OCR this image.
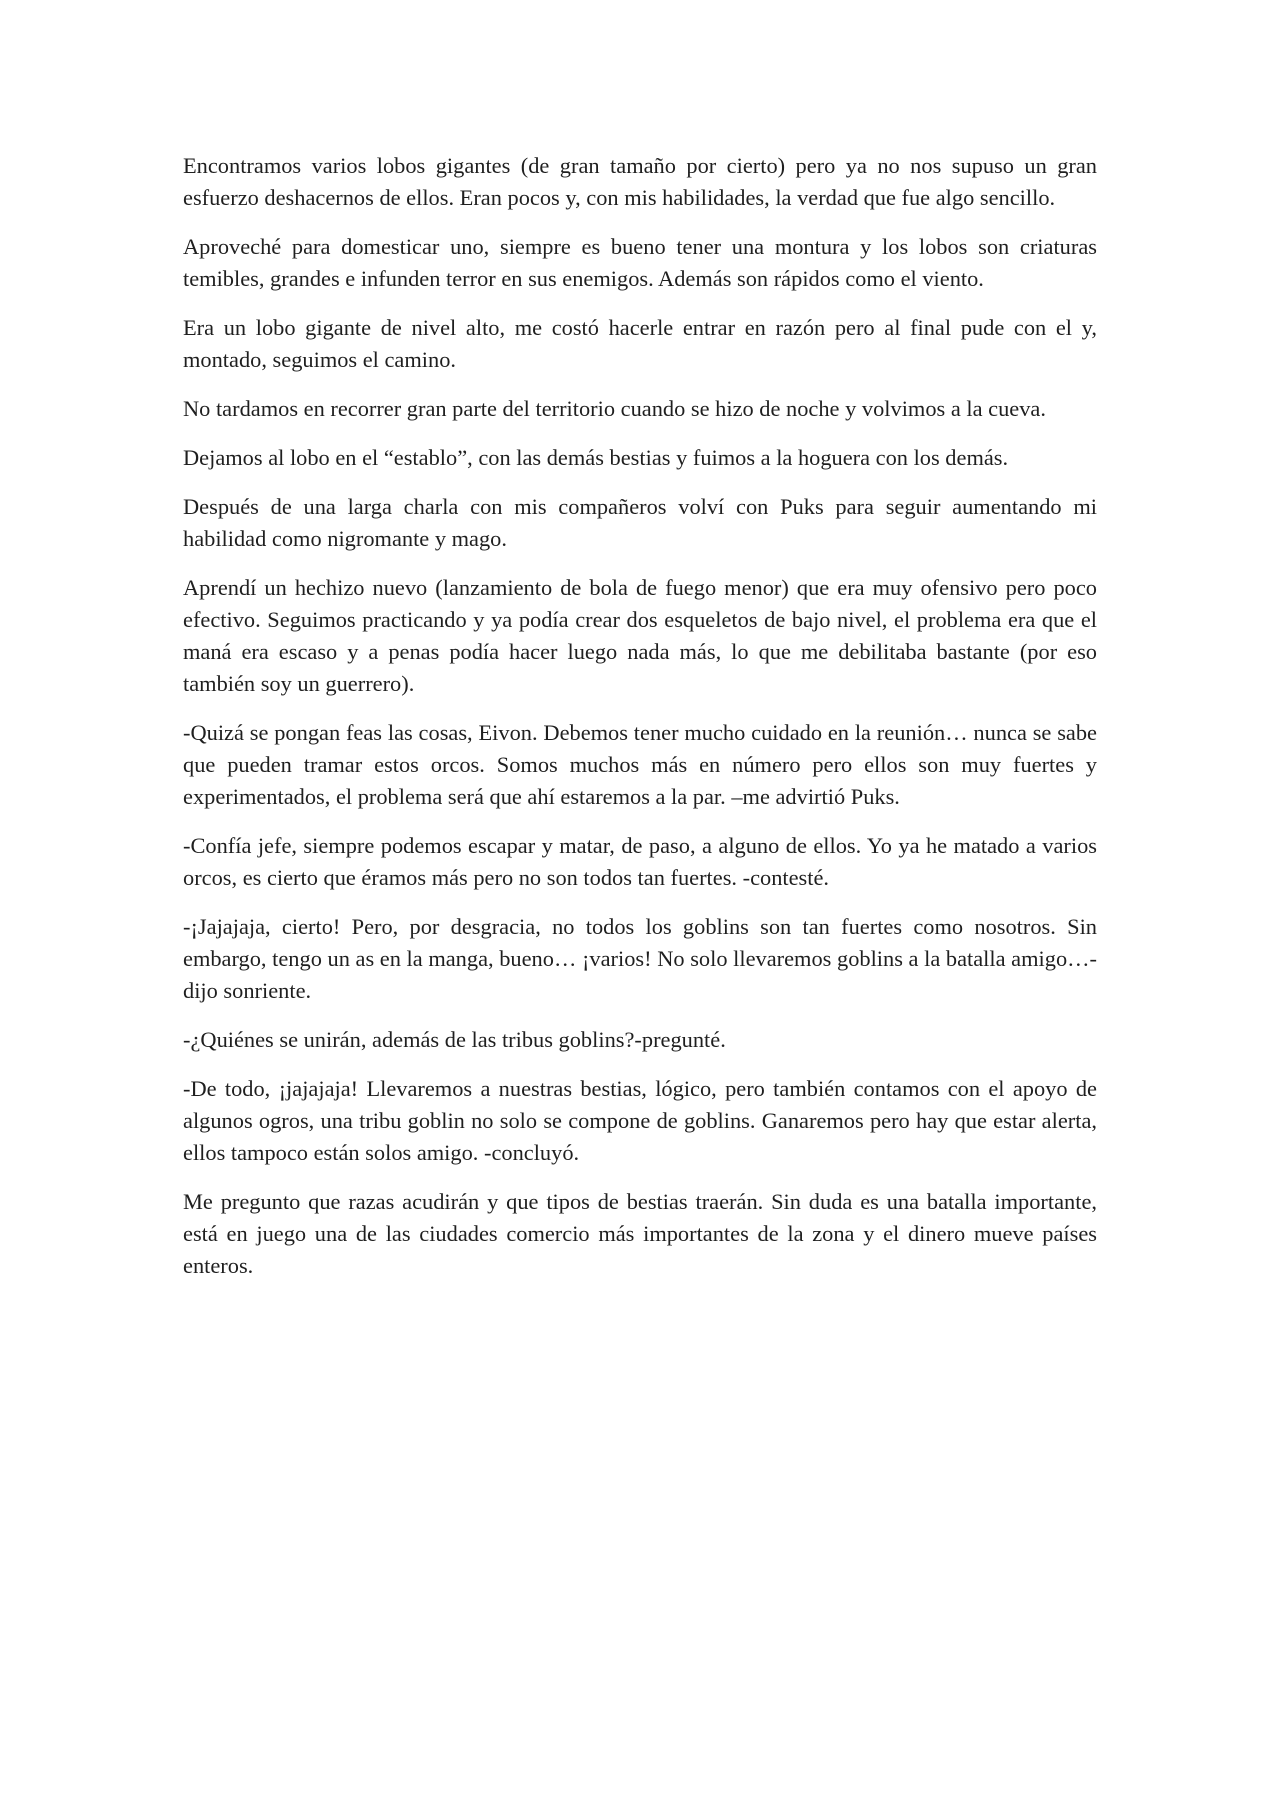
Encontramos varios lobos gigantes (de gran tamaño por cierto) pero ya no nos supuso un gran esfuerzo deshacernos de ellos. Eran pocos y, con mis habilidades, la verdad que fue algo sencillo.

Aproveché para domesticar uno, siempre es bueno tener una montura y los lobos son criaturas temibles, grandes e infunden terror en sus enemigos. Además son rápidos como el viento.

Era un lobo gigante de nivel alto, me costó hacerle entrar en razón pero al final pude con el y, montado, seguimos el camino.

No tardamos en recorrer gran parte del territorio cuando se hizo de noche y volvimos a la cueva.

Dejamos al lobo en el “establo”, con las demás bestias y fuimos a la hoguera con los demás.

Después de una larga charla con mis compañeros volví con Puks para seguir aumentando mi habilidad como nigromante y mago.

Aprendí un hechizo nuevo (lanzamiento de bola de fuego menor) que era muy ofensivo pero poco efectivo. Seguimos practicando y ya podía crear dos esqueletos de bajo nivel, el problema era que el maná era escaso y a penas podía hacer luego nada más, lo que me debilitaba bastante (por eso también soy un guerrero).

-Quizá se pongan feas las cosas, Eivon. Debemos tener mucho cuidado en la reunión… nunca se sabe que pueden tramar estos orcos. Somos muchos más en número pero ellos son muy fuertes y experimentados, el problema será que ahí estaremos a la par. –me advirtió Puks.

-Confía jefe, siempre podemos escapar y matar, de paso, a alguno de ellos. Yo ya he matado a varios orcos, es cierto que éramos más pero no son todos tan fuertes. -contesté.

-¡Jajajaja, cierto! Pero, por desgracia, no todos los goblins son tan fuertes como nosotros. Sin embargo, tengo un as en la manga, bueno… ¡varios! No solo llevaremos goblins a la batalla amigo…-dijo sonriente.

-¿Quiénes se unirán, además de las tribus goblins?-pregunté.

-De todo, ¡jajajaja! Llevaremos a nuestras bestias, lógico, pero también contamos con el apoyo de algunos ogros, una tribu goblin no solo se compone de goblins. Ganaremos pero hay que estar alerta, ellos tampoco están solos amigo. -concluyó.

Me pregunto que razas acudirán y que tipos de bestias traerán. Sin duda es una batalla importante, está en juego una de las ciudades comercio más importantes de la zona y el dinero mueve países enteros.
